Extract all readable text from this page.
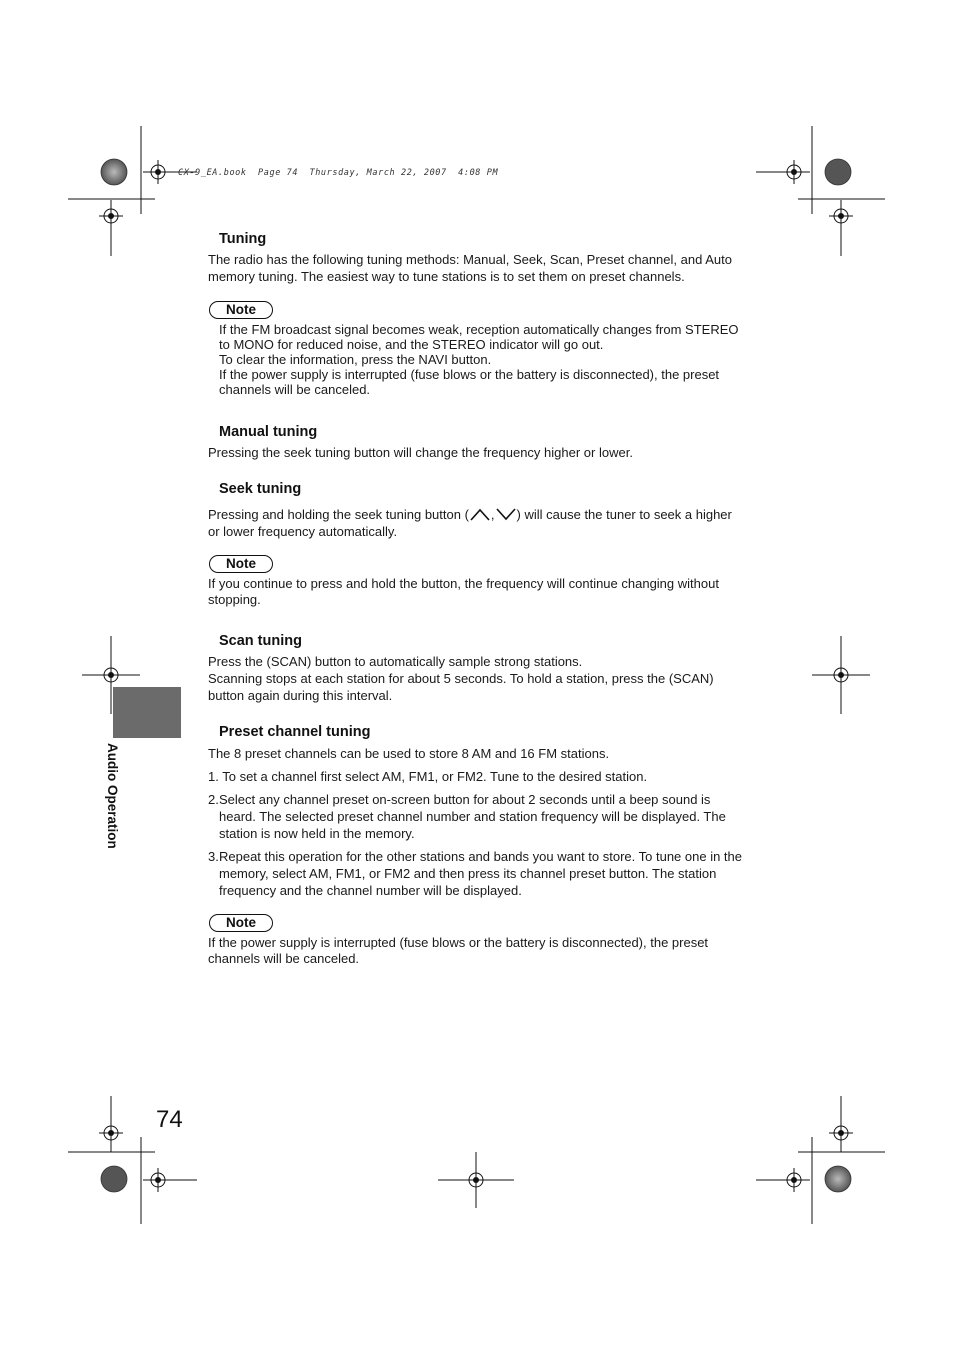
CX-9_EA.book  Page 74  Thursday, March 22, 2007  4:08 PM
Audio Operation
Tuning
The radio has the following tuning methods: Manual, Seek, Scan, Preset channel, and Auto
memory tuning. The easiest way to tune stations is to set them on preset channels.
Note
If the FM broadcast signal becomes weak, reception automatically changes from STEREO
to MONO for reduced noise, and the STEREO indicator will go out.
To clear the information, press the NAVI button.
If the power supply is interrupted (fuse blows or the battery is disconnected), the preset
channels will be canceled.
Manual tuning
Pressing the seek tuning button will change the frequency higher or lower.
Seek tuning
Pressing and holding the seek tuning button ( , ) will cause the tuner to seek a higher
or lower frequency automatically.
Note
If you continue to press and hold the button, the frequency will continue changing without
stopping.
Scan tuning
Press the (SCAN) button to automatically sample strong stations.
Scanning stops at each station for about 5 seconds. To hold a station, press the (SCAN)
button again during this interval.
Preset channel tuning
The 8 preset channels can be used to store 8 AM and 16 FM stations.
1. To set a channel first select AM, FM1, or FM2. Tune to the desired station.
2. Select any channel preset on-screen button for about 2 seconds until a beep sound is
heard. The selected preset channel number and station frequency will be displayed. The
station is now held in the memory.
3. Repeat this operation for the other stations and bands you want to store. To tune one in the
memory, select AM, FM1, or FM2 and then press its channel preset button. The station
frequency and the channel number will be displayed.
Note
If the power supply is interrupted (fuse blows or the battery is disconnected), the preset
channels will be canceled.
74
